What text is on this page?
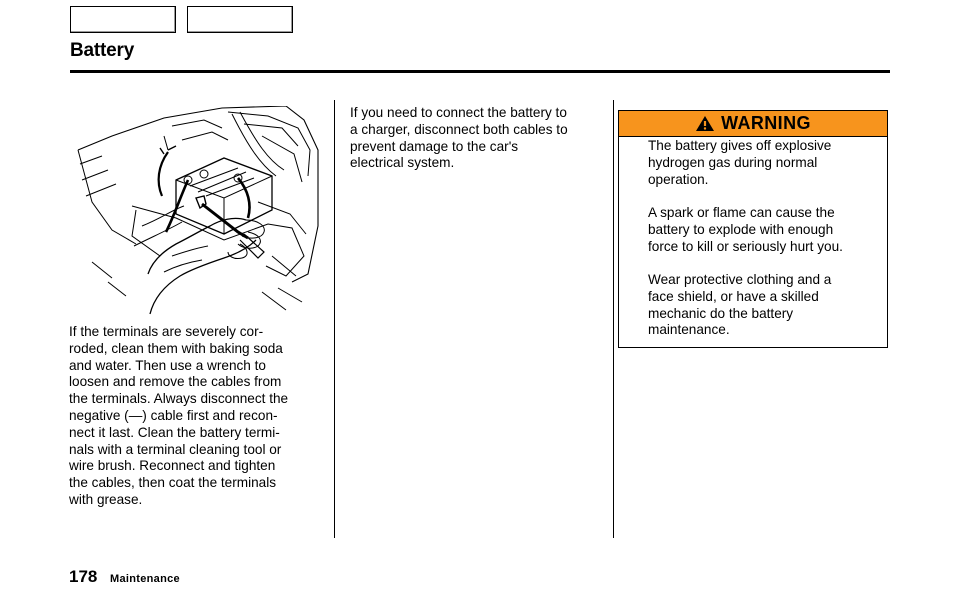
Battery
If the terminals are severely cor-
roded, clean them with baking soda
and water. Then use a wrench to
loosen and remove the cables from
the terminals. Always disconnect the
negative (—) cable first and recon-
nect it last. Clean the battery termi-
nals with a terminal cleaning tool or
wire brush. Reconnect and tighten
the cables, then coat the terminals
with grease.
If you need to connect the battery to
a charger, disconnect both cables to
prevent damage to the car's
electrical system.
WARNING

The battery gives off explosive
hydrogen gas during normal
operation.

A spark or flame can cause the
battery to explode with enough
force to kill or seriously hurt you.

Wear protective clothing and a
face shield, or have a skilled
mechanic do the battery
maintenance.

178 Maintenance
